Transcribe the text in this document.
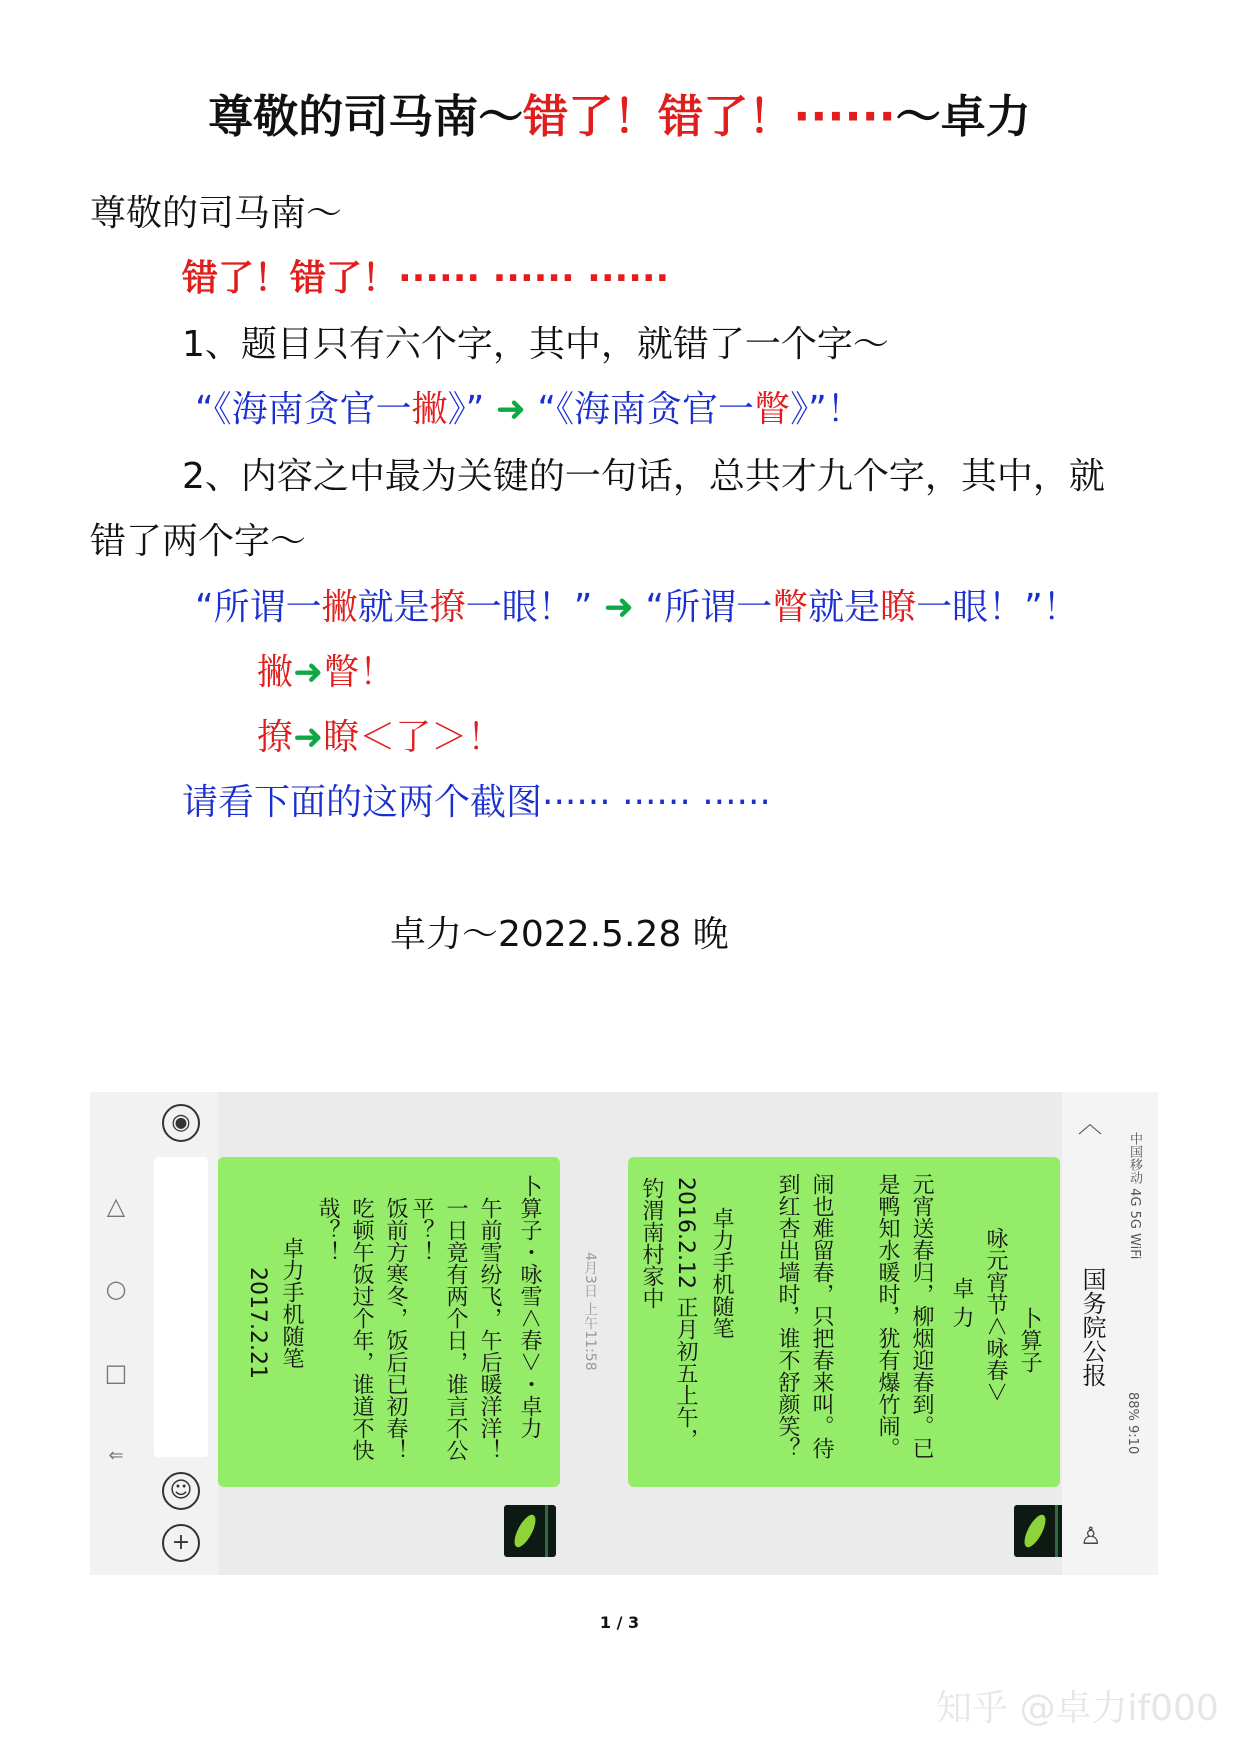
尊敬的司马南～错了！错了！······～卓力
尊敬的司马南～
错了！错了！······ ······ ······
1、题目只有六个字，其中，就错了一个字～
“《海南贪官一撇》” ➜ “《海南贪官一瞥》”！
2、内容之中最为关键的一句话，总共才九个字，其中，就
错了两个字～
“所谓一撇就是撩一眼！” ➜ “所谓一瞥就是瞭一眼！”！
撇➜瞥！
撩➜瞭＜了＞！
请看下面的这两个截图······ ······ ······
卓力～2022.5.28 晚
◉
△
○
□
⇐
☺
+
卜算子・咏雪＜春＞・卓力
午前雪纷飞，午后暖洋洋！一日竟有两个日，谁言不公平？！
饭前方寒冬，饭后已初春！吃顿午饭过个年，谁道不快哉？！
卓力手机随笔
2017.2.21	4月3日 上午11:58	卜算子
咏元宵节＜咏春＞
卓 力
元宵送春归，柳烟迎春到。已是鸭知水暖时，犹有爆竹闹。
闹也难留春，只把春来叫。待到红杏出墙时，谁不舒颜笑？
卓力手机随笔
2016.2.12 正月初五上午，钓渭南村家中
︿
国务院公报
♙
中国移动 4G 5G WiFi
88% 9:10
1 / 3
知乎 @卓力if000
